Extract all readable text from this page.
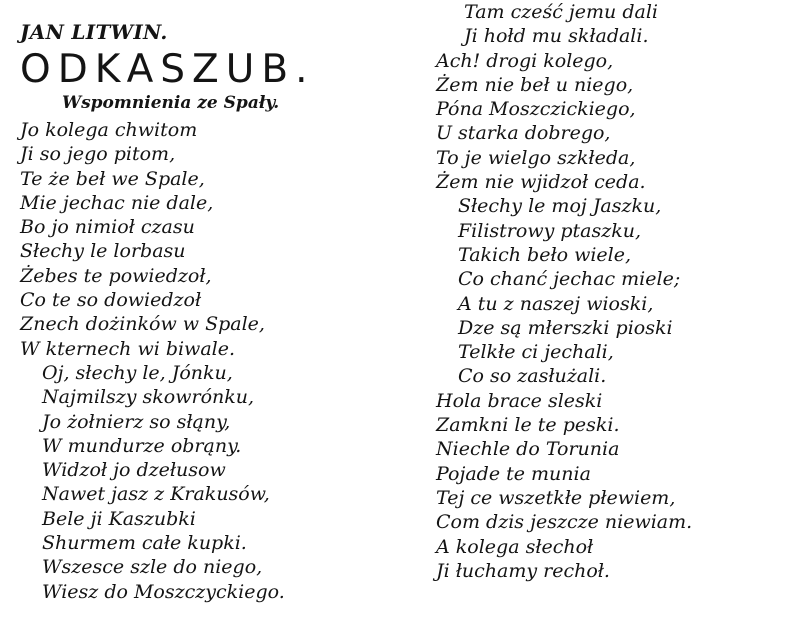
JAN LITWIN.
ODKASZUB.
Wspomnienia ze Spały.
Jo kolega chwitom
Ji so jego pitom,
Te że beł we Spale,
Mie jechac nie dale,
Bo jo nimioł czasu
Słechy le lorbasu
Żebes te powiedzoł,
Co te so dowiedzoł
Znech dożinków w Spale,
W kternech wi biwale.
Oj, słechy le, Jónku,
Najmilszy skowrónku,
Jo żołnierz so słąny,
W mundurze obrąny.
Widzoł jo dzełusow
Nawet jasz z Krakusów,
Bele ji Kaszubki
Shurmem całe kupki.
Wszesce szle do niego,
Wiesz do Moszczyckiego.
Tam cześć jemu dali
Ji hołd mu składali.
Ach! drogi kolego,
Żem nie beł u niego,
Póna Moszczickiego,
U starka dobrego,
To je wielgo szkłeda,
Żem nie wjidzoł ceda.
Słechy le moj Jaszku,
Filistrowy ptaszku,
Takich beło wiele,
Co chanć jechac miele;
A tu z naszej wioski,
Dze są młerszki pioski
Telkłe ci jechali,
Co so zasłużali.
Hola brace sleski
Zamkni le te peski.
Niechle do Torunia
Pojade te munia
Tej ce wszetkłe płewiem,
Com dzis jeszcze niewiam.
A kolega słechoł
Ji łuchamy rechoł.
